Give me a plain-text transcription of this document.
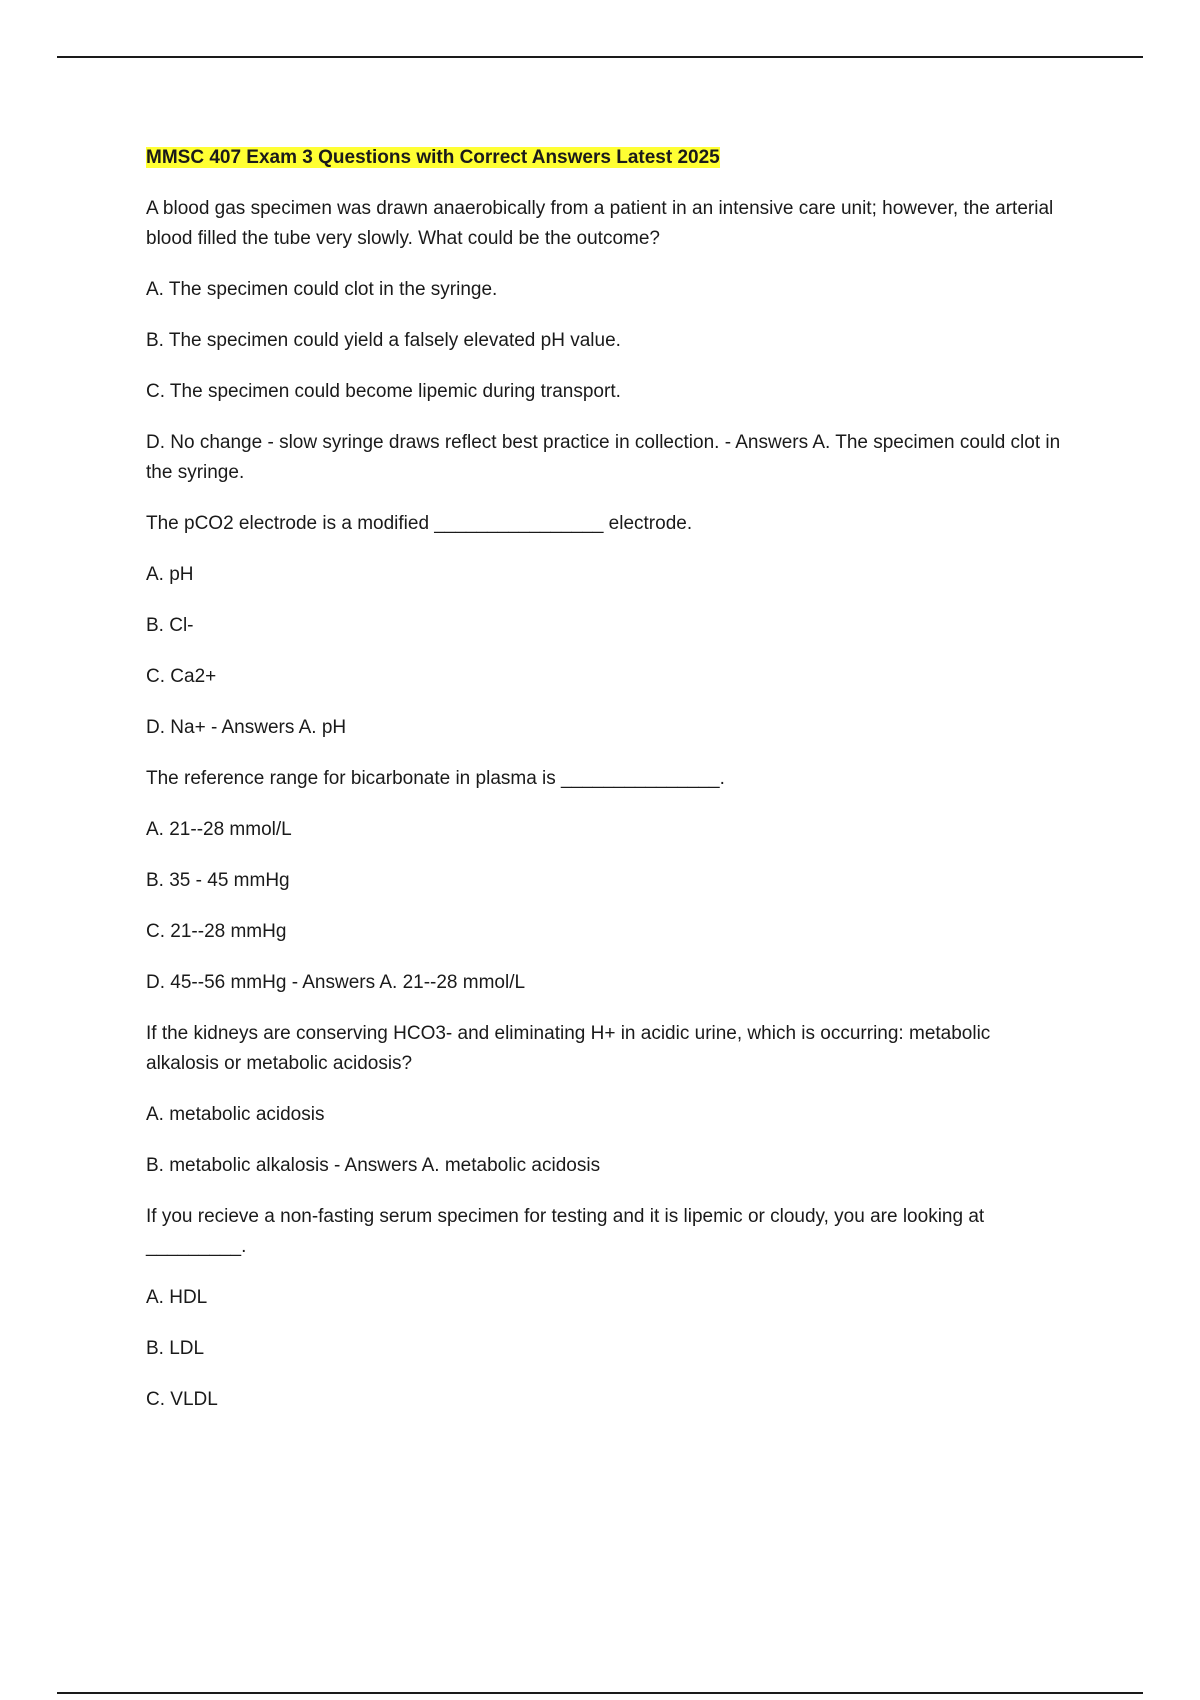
MMSC 407 Exam 3 Questions with Correct Answers Latest 2025

A blood gas specimen was drawn anaerobically from a patient in an intensive care unit; however, the arterial blood filled the tube very slowly. What could be the outcome?

A. The specimen could clot in the syringe.

B. The specimen could yield a falsely elevated pH value.

C. The specimen could become lipemic during transport.

D. No change - slow syringe draws reflect best practice in collection. - Answers A. The specimen could clot in the syringe.

The pCO2 electrode is a modified ________________ electrode.

A. pH

B. Cl-

C. Ca2+

D. Na+ - Answers A. pH

The reference range for bicarbonate in plasma is _______________.

A. 21--28 mmol/L

B. 35 - 45 mmHg

C. 21--28 mmHg

D. 45--56 mmHg - Answers A. 21--28 mmol/L

If the kidneys are conserving HCO3- and eliminating H+ in acidic urine, which is occurring: metabolic alkalosis or metabolic acidosis?

A. metabolic acidosis

B. metabolic alkalosis - Answers A. metabolic acidosis

If you recieve a non-fasting serum specimen for testing and it is lipemic or cloudy, you are looking at _________.

A. HDL

B. LDL

C. VLDL
